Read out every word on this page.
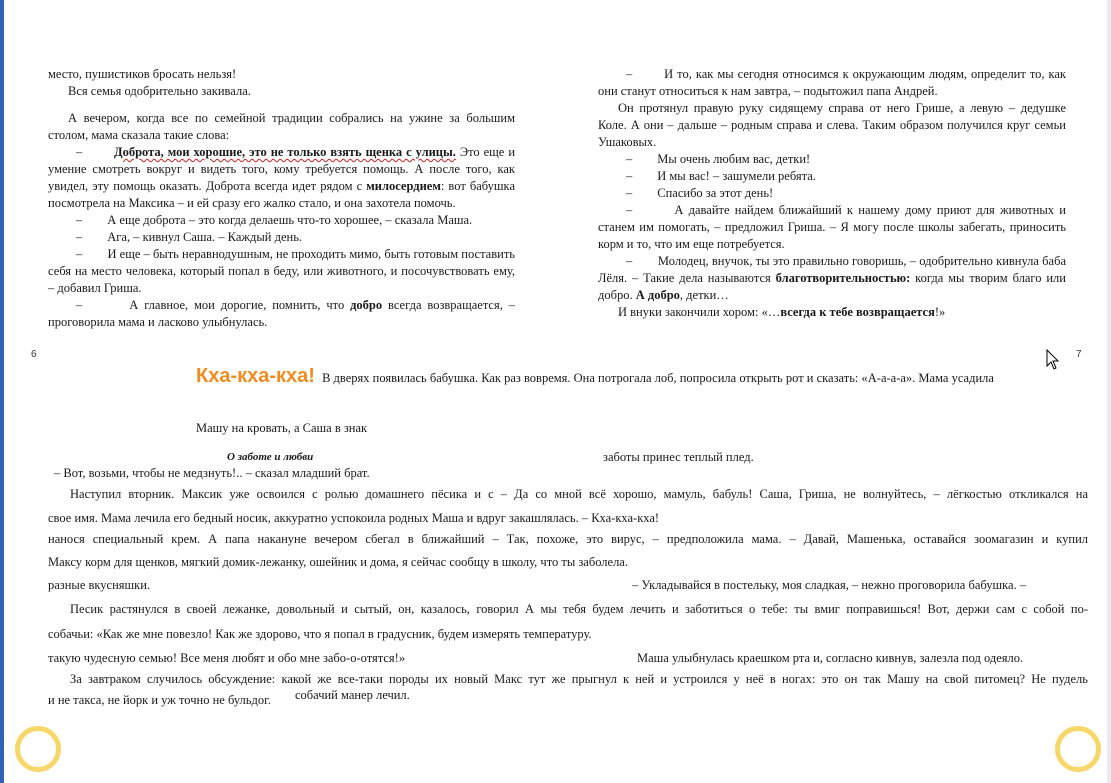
место, пушистиков бросать нельзя!

Вся семья одобрительно закивала.

А вечером, когда все по семейной традиции собрались на ужине за большим столом, мама сказала такие слова:

–	Доброта, мои хорошие, это не только взять щенка с улицы. Это еще и умение смотреть вокруг и видеть того, кому требуется помощь. А после того, как увидел, эту помощь оказать. Доброта всегда идет рядом с милосердием: вот бабушка посмотрела на Максика – и ей сразу его жалко стало, и она захотела помочь.

–        А еще доброта – это когда делаешь что-то хорошее, – сказала Маша.

–        Ага, – кивнул Саша. – Каждый день.

–        И еще – быть неравнодушным, не проходить мимо, быть готовым поставить себя на место человека, который попал в беду, или животного, и посочувствовать ему, – добавил Гриша.

–        А главное, мои дорогие, помнить, что добро всегда возвращается, – проговорила мама и ласково улыбнулась.

–        И то, как мы сегодня относимся к окружающим людям, определит то, как они станут относиться к нам завтра, – подытожил папа Андрей.

Он протянул правую руку сидящему справа от него Грише, а левую – дедушке Коле. А они – дальше – родным справа и слева. Таким образом получился круг семьи Ушаковых.

–        Мы очень любим вас, детки!

–        И мы вас! – зашумели ребята.

–        Спасибо за этот день!

–        А давайте найдем ближайший к нашему дому приют для животных и станем им помогать, – предложил Гриша. – Я могу после школы забегать, приносить корм и то, что им еще потребуется.

–        Молодец, внучок, ты это правильно говоришь, – одобрительно кивнула баба Лёля. – Такие дела называются благотворительностью: когда мы творим благо или добро. А добро, детки…

И внуки закончили хором: «…всегда к тебе возвращается!»

6	7
Кха-кха-кха! В дверях появилась бабушка. Как раз вовремя. Она потрогала лоб, попросила открыть рот и сказать: «А-а-а-а». Мама усадила
Машу на кровать, а Саша в знак
О заботе и любви	заботы принес теплый плед.
– Вот, возьми, чтобы не медзнуть!.. – сказал младший брат.
Наступил вторник. Максик уже освоился с ролью домашнего пёсика и с – Да со мной всё хорошо, мамуль, бабуль! Саша, Гриша, не волнуйтесь, – лёгкостью откликался на
свое имя. Мама лечила его бедный носик, аккуратно успокоила родных Маша и вдруг закашлялась. – Кха-кха-кха!
нанося специальный крем. А папа накануне вечером сбегал в ближайший – Так, похоже, это вирус, – предположила мама. – Давай, Машенька, оставайся зоомагазин и купил
Максу корм для щенков, мягкий домик-лежанку, ошейник и дома, я сейчас сообщу в школу, что ты заболела.
разные вкусняшки.	– Укладывайся в постельку, моя сладкая, – нежно проговорила бабушка. –
Песик растянулся в своей лежанке, довольный и сытый, он, казалось, говорил А мы тебя будем лечить и заботиться о тебе: ты вмиг поправишься! Вот, держи сам с собой по-
собачьи: «Как же мне повезло! Как же здорово, что я попал в градусник, будем измерять температуру.
такую чудесную семью! Все меня любят и обо мне забо-о-отятся!»	Маша улыбнулась краешком рта и, согласно кивнув, залезла под одеяло.
За завтраком случилось обсуждение: какой же все-таки породы их новый Макс тут же прыгнул к ней и устроился у неё в ногах: это он так Машу на свой питомец? Не пудель
и не такса, не йорк и уж точно не бульдог. собачий манер лечил.
